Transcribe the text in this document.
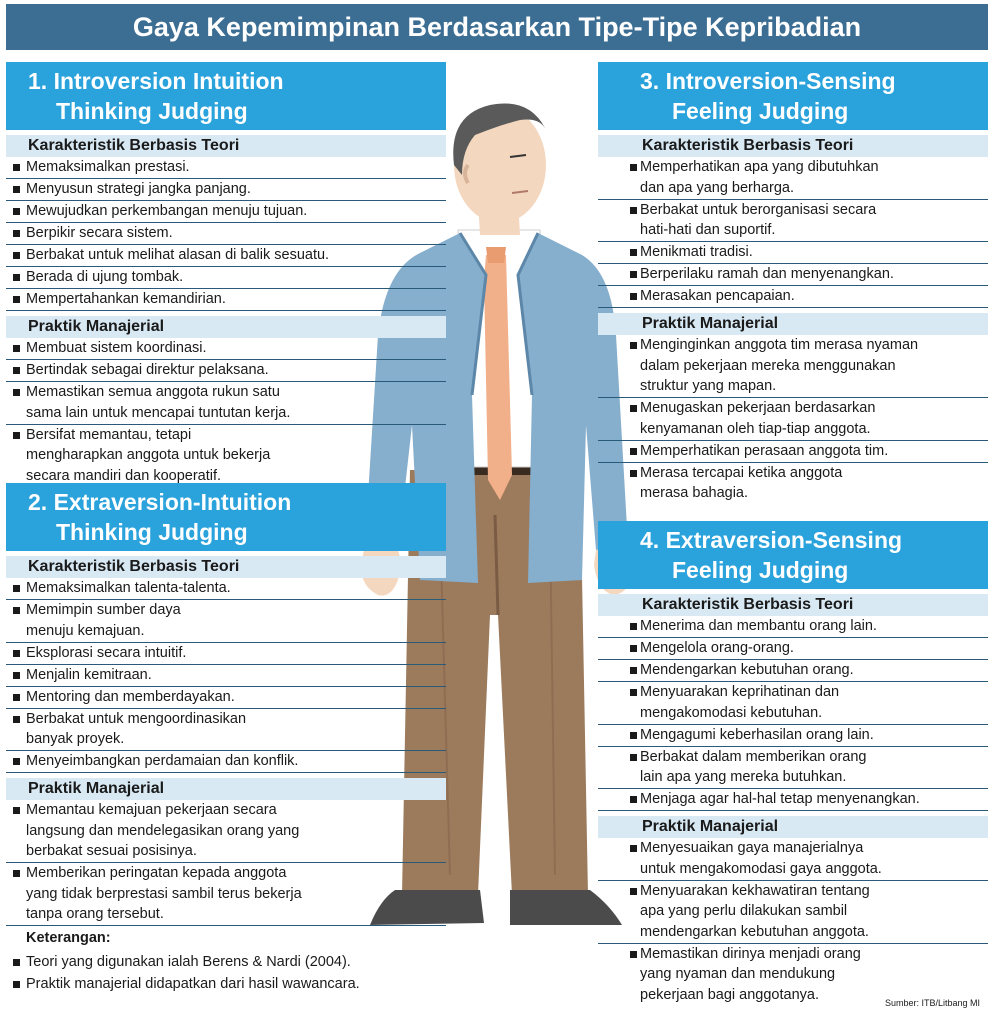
Gaya Kepemimpinan Berdasarkan Tipe-Tipe Kepribadian
1. Introversion Intuition
Thinking Judging
Karakteristik Berbasis Teori
Memaksimalkan prestasi.
Menyusun strategi jangka panjang.
Mewujudkan perkembangan menuju tujuan.
Berpikir secara sistem.
Berbakat untuk melihat alasan di balik sesuatu.
Berada di ujung tombak.
Mempertahankan kemandirian.
Praktik Manajerial
Membuat sistem koordinasi.
Bertindak sebagai direktur pelaksana.
Memastikan semua anggota rukun satu
sama lain untuk mencapai tuntutan kerja.
Bersifat memantau, tetapi
mengharapkan anggota untuk bekerja
secara mandiri dan kooperatif.
2. Extraversion-Intuition
Thinking Judging
Karakteristik Berbasis Teori
Memaksimalkan talenta-talenta.
Memimpin sumber daya
menuju kemajuan.
Eksplorasi secara intuitif.
Menjalin kemitraan.
Mentoring dan memberdayakan.
Berbakat untuk mengoordinasikan
banyak proyek.
Menyeimbangkan perdamaian dan konflik.
Praktik Manajerial
Memantau kemajuan pekerjaan secara
langsung dan mendelegasikan orang yang
berbakat sesuai posisinya.
Memberikan peringatan kepada anggota
yang tidak berprestasi sambil terus bekerja
tanpa orang tersebut.
3. Introversion-Sensing
Feeling Judging
Karakteristik Berbasis Teori
Memperhatikan apa yang dibutuhkan
dan apa yang berharga.
Berbakat untuk berorganisasi secara
hati-hati dan suportif.
Menikmati tradisi.
Berperilaku ramah dan menyenangkan.
Merasakan pencapaian.
Praktik Manajerial
Menginginkan anggota tim merasa nyaman
dalam pekerjaan mereka menggunakan
struktur yang mapan.
Menugaskan pekerjaan berdasarkan
kenyamanan oleh tiap-tiap anggota.
Memperhatikan perasaan anggota tim.
Merasa tercapai ketika anggota
merasa bahagia.
4. Extraversion-Sensing
Feeling Judging
Karakteristik Berbasis Teori
Menerima dan membantu orang lain.
Mengelola orang-orang.
Mendengarkan kebutuhan orang.
Menyuarakan keprihatinan dan
mengakomodasi kebutuhan.
Mengagumi keberhasilan orang lain.
Berbakat dalam memberikan orang
lain apa yang mereka butuhkan.
Menjaga agar hal-hal tetap menyenangkan.
Praktik Manajerial
Menyesuaikan gaya manajerialnya
untuk mengakomodasi gaya anggota.
Menyuarakan kekhawatiran tentang
apa yang perlu dilakukan sambil
mendengarkan kebutuhan anggota.
Memastikan dirinya menjadi orang
yang nyaman dan mendukung
pekerjaan bagi anggotanya.
Keterangan:
Teori yang digunakan ialah Berens & Nardi (2004).
Praktik manajerial didapatkan dari hasil wawancara.
Sumber: ITB/Litbang MI
